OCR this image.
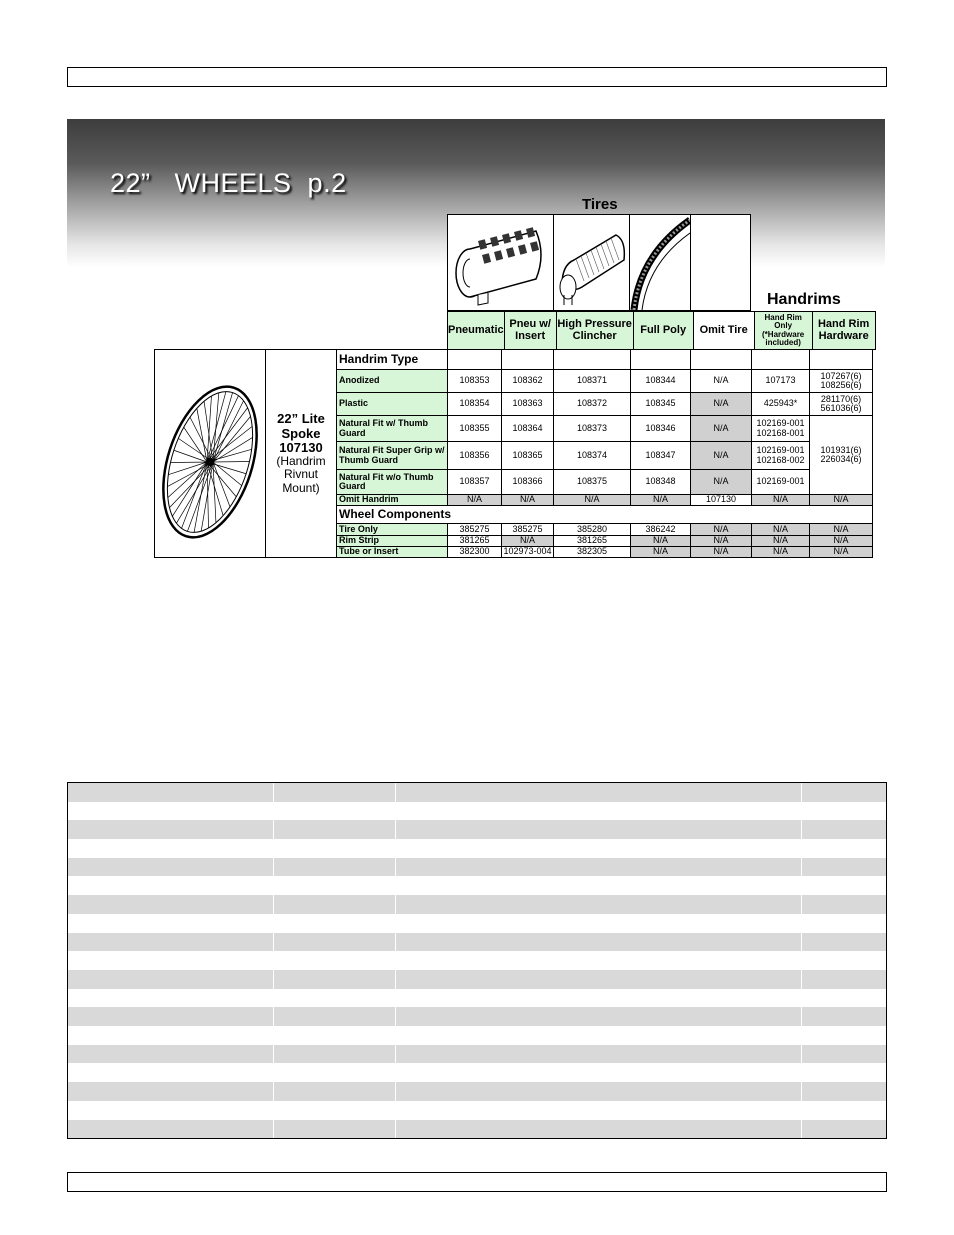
22”   WHEELS  p.2
Tires
Handrims
Pneumatic	Pneu w/ Insert	High Pressure Clincher	Full Poly	Omit Tire	Hand Rim Only (*Hardware included)	Hand Rim Hardware

22” Lite Spoke
107130
(Handrim Rivnut Mount)	Handrim Type							
		Anodized	108353	108362	108371	108344	N/A	107173	107267(6) 108256(6)
		Plastic	108354	108363	108372	108345	N/A	425943*	281170(6) 561036(6)
		Natural Fit w/ Thumb Guard	108355	108364	108373	108346	N/A	102169-001 102168-001	101931(6) 226034(6)
		Natural Fit Super Grip w/ Thumb Guard	108356	108365	108374	108347	N/A	102169-001 102168-002	
		Natural Fit w/o Thumb Guard	108357	108366	108375	108348	N/A	102169-001	
		Omit Handrim	N/A	N/A	N/A	N/A	107130	N/A	N/A
		Wheel Components							
		Tire Only	385275	385275	385280	386242	N/A	N/A	N/A
		Rim Strip	381265	N/A	381265	N/A	N/A	N/A	N/A
		Tube or Insert	382300	102973-004	382305	N/A	N/A	N/A	N/A
